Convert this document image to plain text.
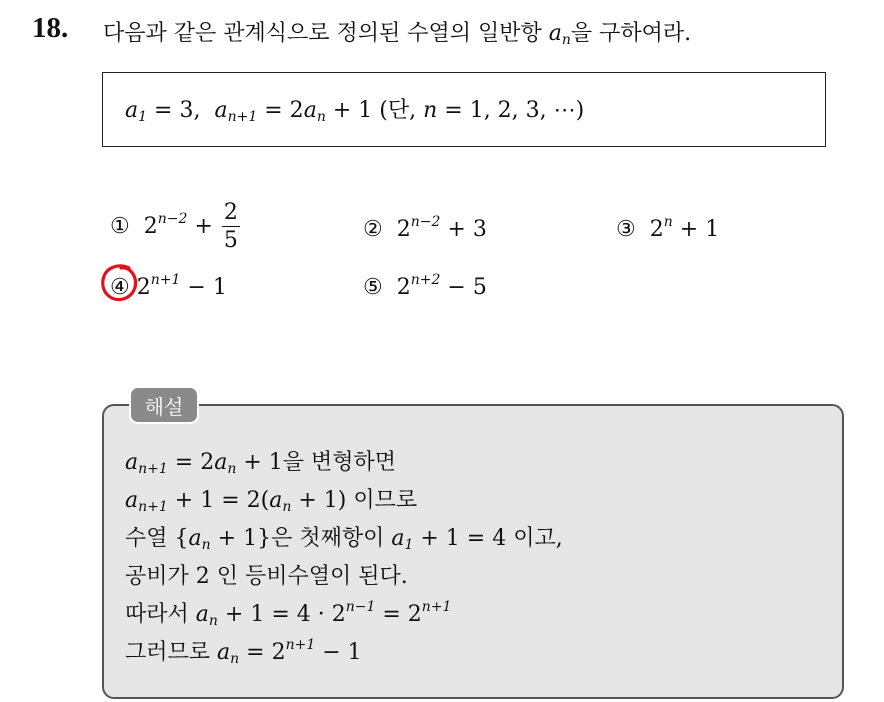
18. 다음과 같은 관계식으로 정의된 수열의 일반항 $a_n$을 구하여라.
$a_1 = 3$, $a_{n+1} = 2a_n + 1$ (단, n = 1, 2, 3, ⋯)
① $2^{n-2} + \frac{2}{5}$	② $2^{n-2} + 3$	③ $2^n + 1$
④ $2^{n+1} - 1$	⑤ $2^{n+2} - 5$
해설
$a_{n+1} = 2a_n + 1$을 변형하면
$a_{n+1} + 1 = 2(a_n + 1)$ 이므로
수열 $\{a_n + 1\}$은 첫째항이 $a_1 + 1 = 4$ 이고,
공비가 2 인 등비수열이 된다.
따라서 $a_n + 1 = 4 \cdot 2^{n-1} = 2^{n+1}$
그러므로 $a_n = 2^{n+1} - 1$
